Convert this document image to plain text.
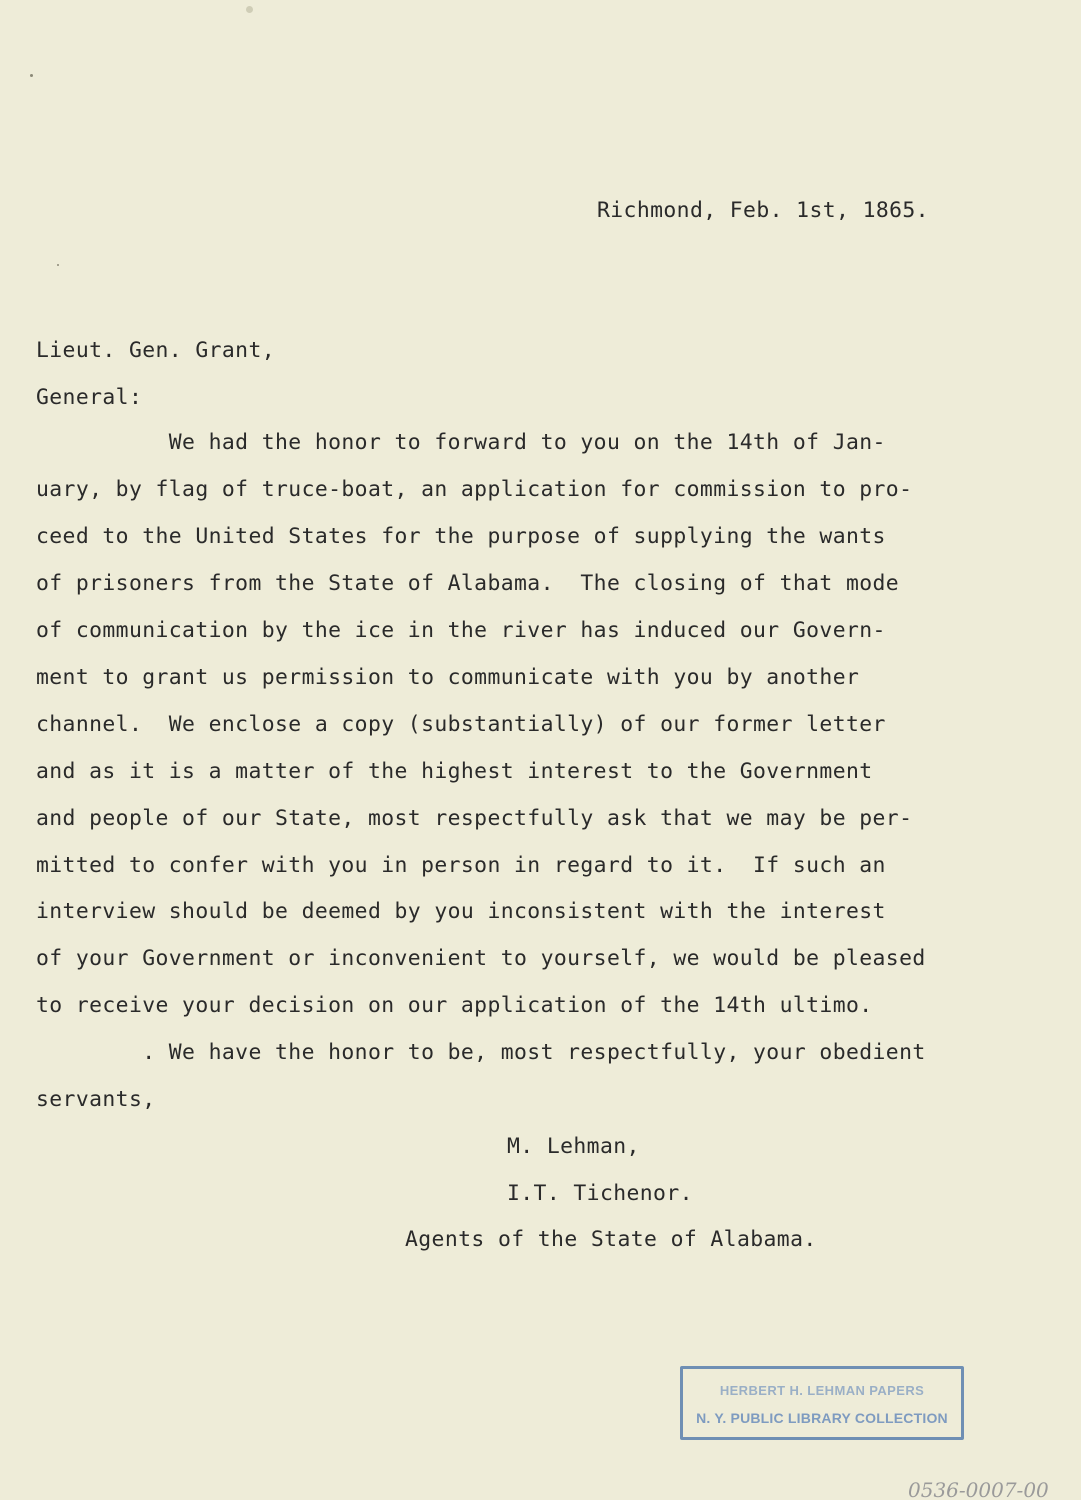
Richmond, Feb. 1st, 1865.

Lieut. Gen. Grant,

General:

We had the honor to forward to you on the 14th of Jan-

uary, by flag of truce-boat, an application for commission to pro-

ceed to the United States for the purpose of supplying the wants

of prisoners from the State of Alabama.  The closing of that mode

of communication by the ice in the river has induced our Govern-

ment to grant us permission to communicate with you by another

channel.  We enclose a copy (substantially) of our former letter

and as it is a matter of the highest interest to the Government

and people of our State, most respectfully ask that we may be per-

mitted to confer with you in person in regard to it.  If such an

interview should be deemed by you inconsistent with the interest

of your Government or inconvenient to yourself, we would be pleased

to receive your decision on our application of the 14th ultimo.

. We have the honor to be, most respectfully, your obedient

servants,

M. Lehman,

I.T. Tichenor.

Agents of the State of Alabama.

HERBERT H. LEHMAN PAPERS
N. Y. PUBLIC LIBRARY COLLECTION
0536-0007-00
